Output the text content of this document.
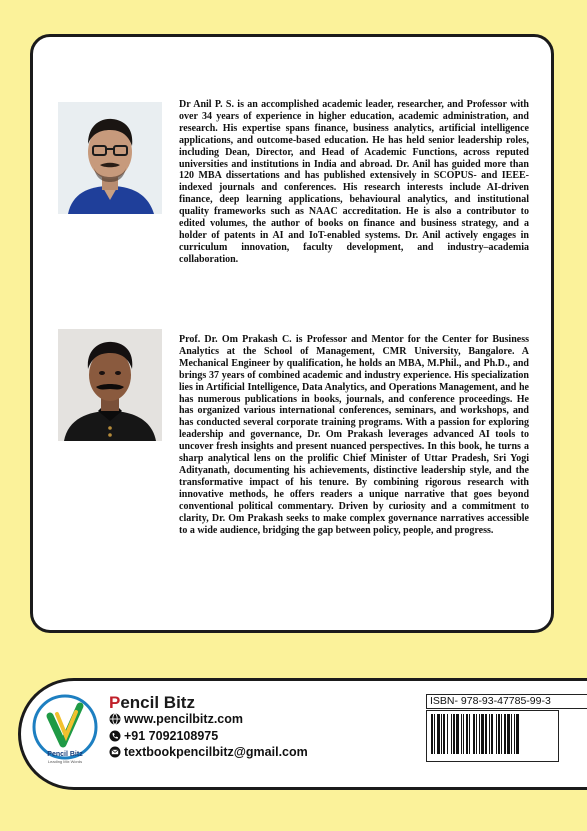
Dr Anil P. S. is an accomplished academic leader, researcher, and Professor with over 34 years of experience in higher education, academic administration, and research. His expertise spans finance, business analytics, artificial intelligence applications, and outcome-based education. He has held senior leadership roles, including Dean, Director, and Head of Academic Functions, across reputed universities and institutions in India and abroad. Dr. Anil has guided more than 120 MBA dissertations and has published extensively in SCOPUS- and IEEE-indexed journals and conferences. His research interests include AI-driven finance, deep learning applications, behavioural analytics, and institutional quality frameworks such as NAAC accreditation. He is also a contributor to edited volumes, the author of books on finance and business strategy, and a holder of patents in AI and IoT-enabled systems. Dr. Anil actively engages in curriculum innovation, faculty development, and industry–academia collaboration.

Prof. Dr. Om Prakash C. is Professor and Mentor for the Center for Business Analytics at the School of Management, CMR University, Bangalore. A Mechanical Engineer by qualification, he holds an MBA, M.Phil., and Ph.D., and brings 37 years of combined academic and industry experience. His specialization lies in Artificial Intelligence, Data Analytics, and Operations Management, and he has numerous publications in books, journals, and conference proceedings. He has organized various international conferences, seminars, and workshops, and has conducted several corporate training programs. With a passion for exploring leadership and governance, Dr. Om Prakash leverages advanced AI tools to uncover fresh insights and present nuanced perspectives. In this book, he turns a sharp analytical lens on the prolific Chief Minister of Uttar Pradesh, Sri Yogi Adityanath, documenting his achievements, distinctive leadership style, and the transformative impact of his tenure. By combining rigorous research with innovative methods, he offers readers a unique narrative that goes beyond conventional political commentary. Driven by curiosity and a commitment to clarity, Dr. Om Prakash seeks to make complex governance narratives accessible to a wide audience, bridging the gap between policy, people, and progress.

Pencil Bitz
Leading Mix Words
Pencil Bitz
www.pencilbitz.com
+91 7092108975
textbookpencilbitz@gmail.com
ISBN- 978-93-47785-99-3
